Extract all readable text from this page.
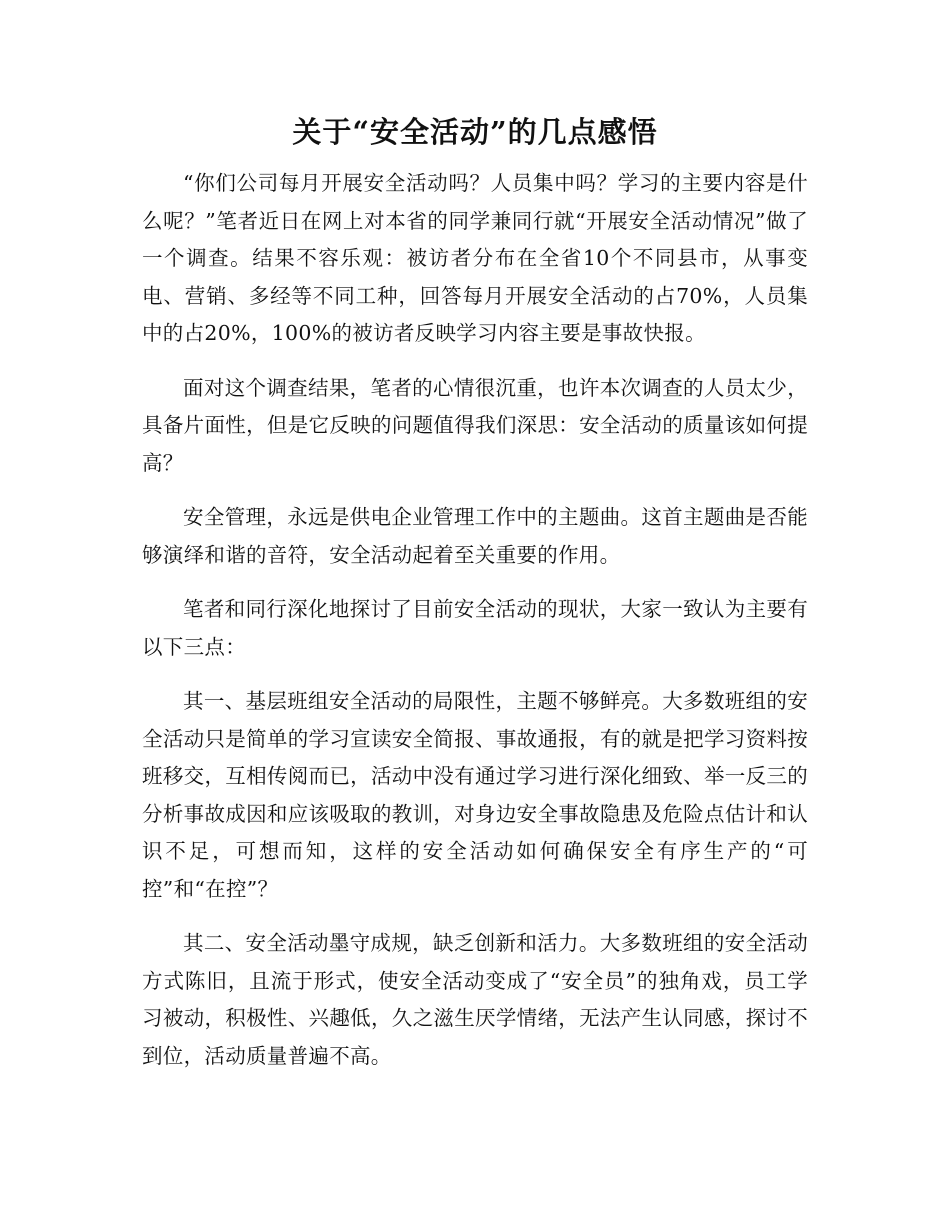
关于“安全活动”的几点感悟

“你们公司每月开展安全活动吗？人员集中吗？学习的主要内容是什么呢？”笔者近日在网上对本省的同学兼同行就“开展安全活动情况”做了一个调查。结果不容乐观：被访者分布在全省10个不同县市，从事变电、营销、多经等不同工种，回答每月开展安全活动的占70%，人员集中的占20%，100%的被访者反映学习内容主要是事故快报。

面对这个调查结果，笔者的心情很沉重，也许本次调查的人员太少，具备片面性，但是它反映的问题值得我们深思：安全活动的质量该如何提高？

安全管理，永远是供电企业管理工作中的主题曲。这首主题曲是否能够演绎和谐的音符，安全活动起着至关重要的作用。

笔者和同行深化地探讨了目前安全活动的现状，大家一致认为主要有以下三点：

其一、基层班组安全活动的局限性，主题不够鲜亮。大多数班组的安全活动只是简单的学习宣读安全简报、事故通报，有的就是把学习资料按班移交，互相传阅而已，活动中没有通过学习进行深化细致、举一反三的分析事故成因和应该吸取的教训，对身边安全事故隐患及危险点估计和认识不足，可想而知，这样的安全活动如何确保安全有序生产的“可控”和“在控”？

其二、安全活动墨守成规，缺乏创新和活力。大多数班组的安全活动方式陈旧，且流于形式，使安全活动变成了“安全员”的独角戏，员工学习被动，积极性、兴趣低，久之滋生厌学情绪，无法产生认同感，探讨不到位，活动质量普遍不高。
